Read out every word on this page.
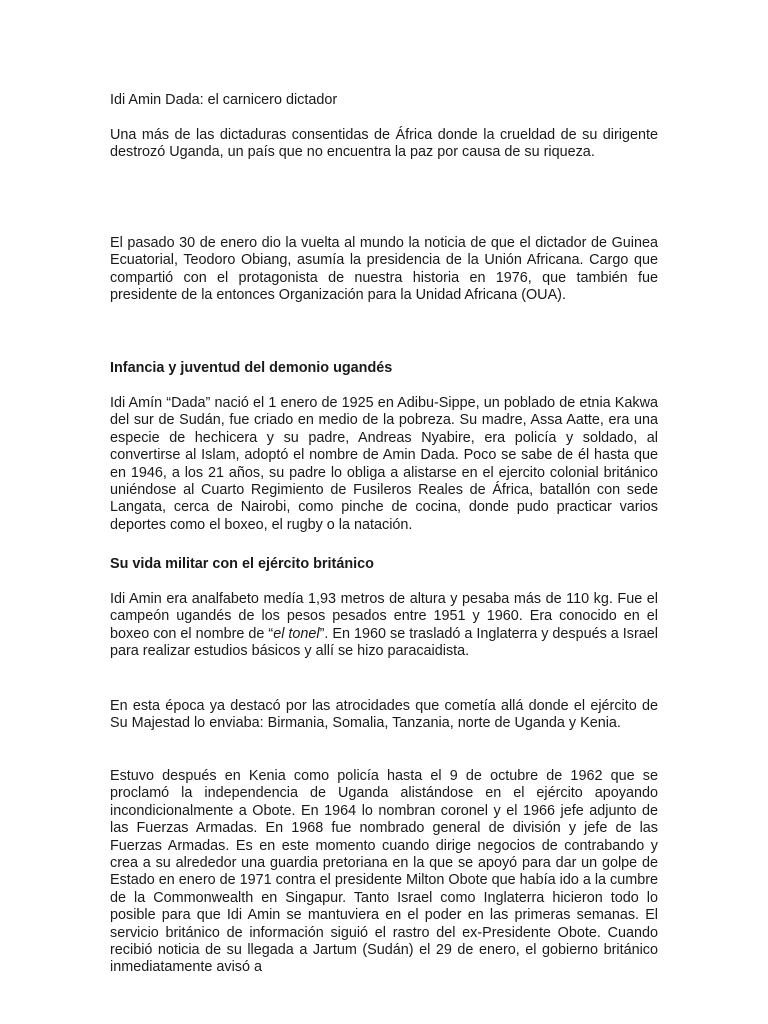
Idi Amin Dada: el carnicero dictador

Una más de las dictaduras consentidas de África donde la crueldad de su dirigente destrozó Uganda, un país que no encuentra la paz por causa de su riqueza.

El pasado 30 de enero dio la vuelta al mundo la noticia de que el dictador de Guinea Ecuatorial, Teodoro Obiang, asumía la presidencia de la Unión Africana. Cargo que compartió con el protagonista de nuestra historia en 1976, que también fue presidente de la entonces Organización para la Unidad Africana (OUA).

Infancia y juventud del demonio ugandés

Idi Amín “Dada” nació el 1 enero de 1925 en Adibu-Sippe, un poblado de etnia Kakwa del sur de Sudán, fue criado en medio de la pobreza. Su madre, Assa Aatte, era una especie de hechicera y su padre, Andreas Nyabire, era policía y soldado, al convertirse al Islam, adoptó el nombre de Amin Dada. Poco se sabe de él hasta que en 1946, a los 21 años, su padre lo obliga a alistarse en el ejercito colonial británico uniéndose al Cuarto Regimiento de Fusileros Reales de África, batallón con sede Langata, cerca de Nairobi, como pinche de cocina, donde pudo practicar varios deportes como el boxeo, el rugby o la natación.

Su vida militar con el ejército británico

Idi Amin era analfabeto medía 1,93 metros de altura y pesaba más de 110 kg. Fue el campeón ugandés de los pesos pesados entre 1951 y 1960. Era conocido en el boxeo con el nombre de “el tonel”. En 1960 se trasladó a Inglaterra y después a Israel para realizar estudios básicos y allí se hizo paracaidista.

En esta época ya destacó por las atrocidades que cometía allá donde el ejército de Su Majestad lo enviaba: Birmania, Somalia, Tanzania, norte de Uganda y Kenia.

Estuvo después en Kenia como policía hasta el 9 de octubre de 1962 que se proclamó la independencia de Uganda alistándose en el ejército apoyando incondicionalmente a Obote. En 1964 lo nombran coronel y el 1966 jefe adjunto de las Fuerzas Armadas. En 1968 fue nombrado general de división y jefe de las Fuerzas Armadas. Es en este momento cuando dirige negocios de contrabando y crea a su alrededor una guardia pretoriana en la que se apoyó para dar un golpe de Estado en enero de 1971 contra el presidente Milton Obote que había ido a la cumbre de la Commonwealth en Singapur. Tanto Israel como Inglaterra hicieron todo lo posible para que Idi Amin se mantuviera en el poder en las primeras semanas. El servicio británico de información siguió el rastro del ex-Presidente Obote. Cuando recibió noticia de su llegada a Jartum (Sudán) el 29 de enero, el gobierno británico inmediatamente avisó a
